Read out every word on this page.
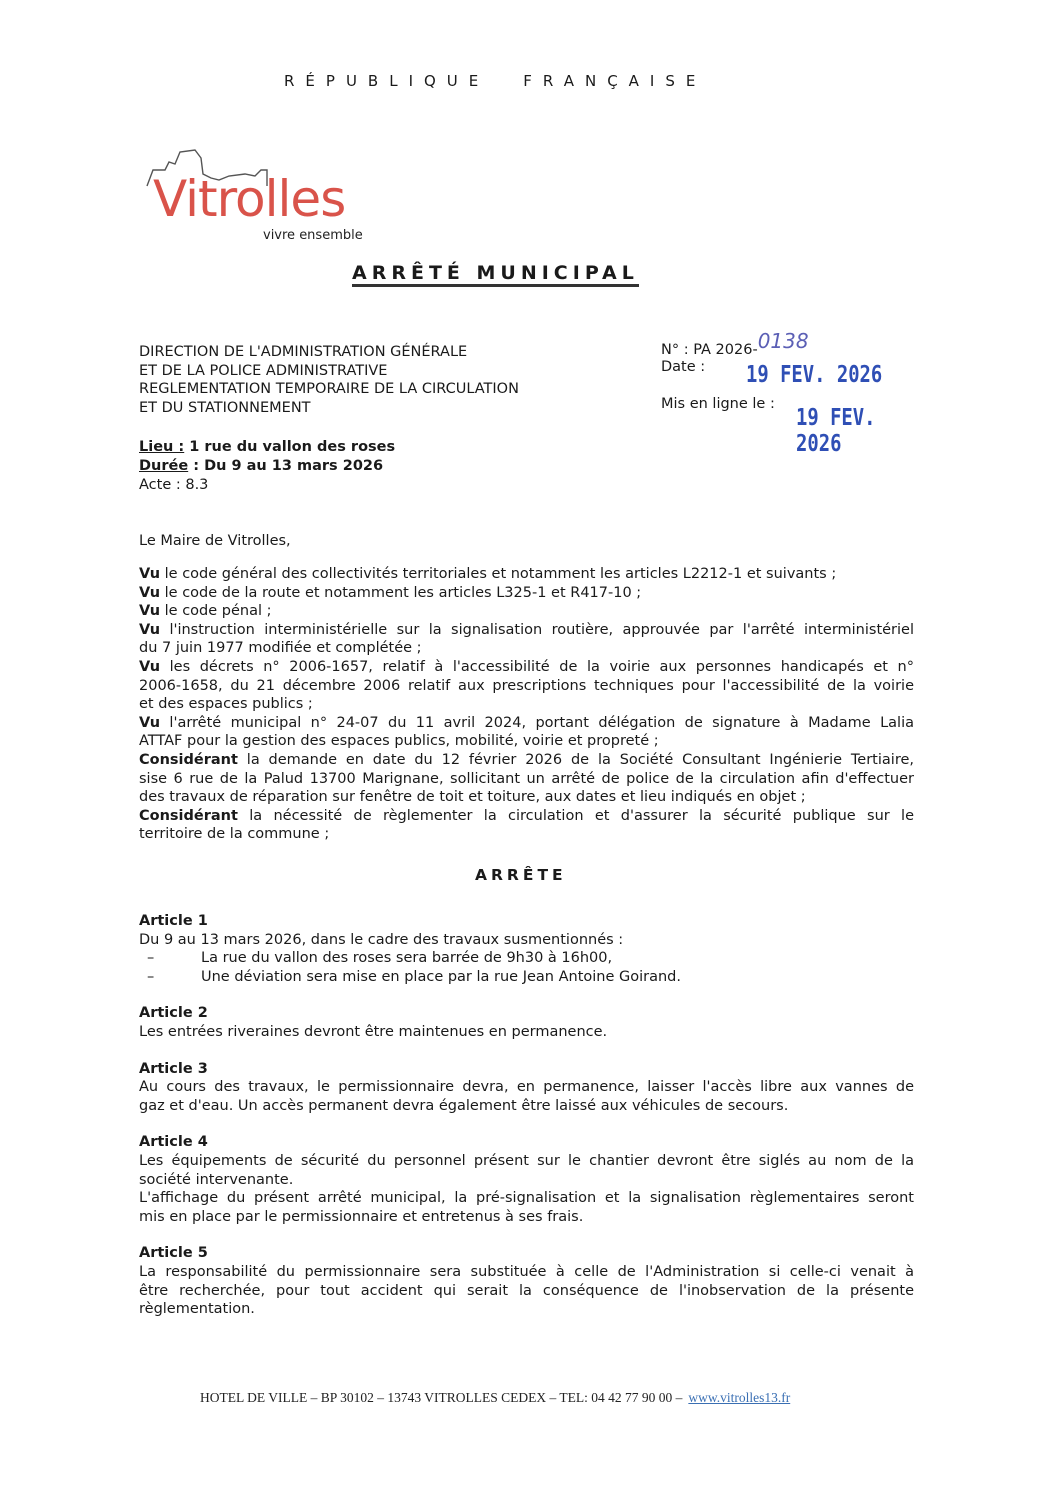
RÉPUBLIQUE FRANÇAISE
Vitrolles
vivre ensemble
ARRÊTÉ MUNICIPAL
DIRECTION DE L'ADMINISTRATION GÉNÉRALE
ET DE LA POLICE ADMINISTRATIVE
REGLEMENTATION TEMPORAIRE DE LA CIRCULATION
ET DU STATIONNEMENT
N° : PA 2026-0138
Date : 19 FEV. 2026
Mis en ligne le :
19 FEV. 2026
Lieu : 1 rue du vallon des roses
Durée : Du 9 au 13 mars 2026
Acte : 8.3
Le Maire de Vitrolles,
Vu le code général des collectivités territoriales et notamment les articles L2212-1 et suivants ;
Vu le code de la route et notamment les articles L325-1 et R417-10 ;
Vu le code pénal ;
Vu l'instruction interministérielle sur la signalisation routière, approuvée par l'arrêté interministériel
du 7 juin 1977 modifiée et complétée ;
Vu les décrets n° 2006-1657, relatif à l'accessibilité de la voirie aux personnes handicapés et n°
2006-1658, du 21 décembre 2006 relatif aux prescriptions techniques pour l'accessibilité de la voirie
et des espaces publics ;
Vu l'arrêté municipal n° 24-07 du 11 avril 2024, portant délégation de signature à Madame Lalia
ATTAF pour la gestion des espaces publics, mobilité, voirie et propreté ;
Considérant la demande en date du 12 février 2026 de la Société Consultant Ingénierie Tertiaire,
sise 6 rue de la Palud 13700 Marignane, sollicitant un arrêté de police de la circulation afin d'effectuer
des travaux de réparation sur fenêtre de toit et toiture, aux dates et lieu indiqués en objet ;
Considérant la nécessité de règlementer la circulation et d'assurer la sécurité publique sur le
territoire de la commune ;
ARRÊTE
Article 1
Du 9 au 13 mars 2026, dans le cadre des travaux susmentionnés :
–	La rue du vallon des roses sera barrée de 9h30 à 16h00,
–	Une déviation sera mise en place par la rue Jean Antoine Goirand.
Article 2
Les entrées riveraines devront être maintenues en permanence.
Article 3
Au cours des travaux, le permissionnaire devra, en permanence, laisser l'accès libre aux vannes de
gaz et d'eau. Un accès permanent devra également être laissé aux véhicules de secours.
Article 4
Les équipements de sécurité du personnel présent sur le chantier devront être siglés au nom de la
société intervenante.
L'affichage du présent arrêté municipal, la pré-signalisation et la signalisation règlementaires seront
mis en place par le permissionnaire et entretenus à ses frais.
Article 5
La responsabilité du permissionnaire sera substituée à celle de l'Administration si celle-ci venait à
être recherchée, pour tout accident qui serait la conséquence de l'inobservation de la présente
règlementation.
HOTEL DE VILLE – BP 30102 – 13743 VITROLLES CEDEX – TEL: 04 42 77 90 00 – www.vitrolles13.fr
